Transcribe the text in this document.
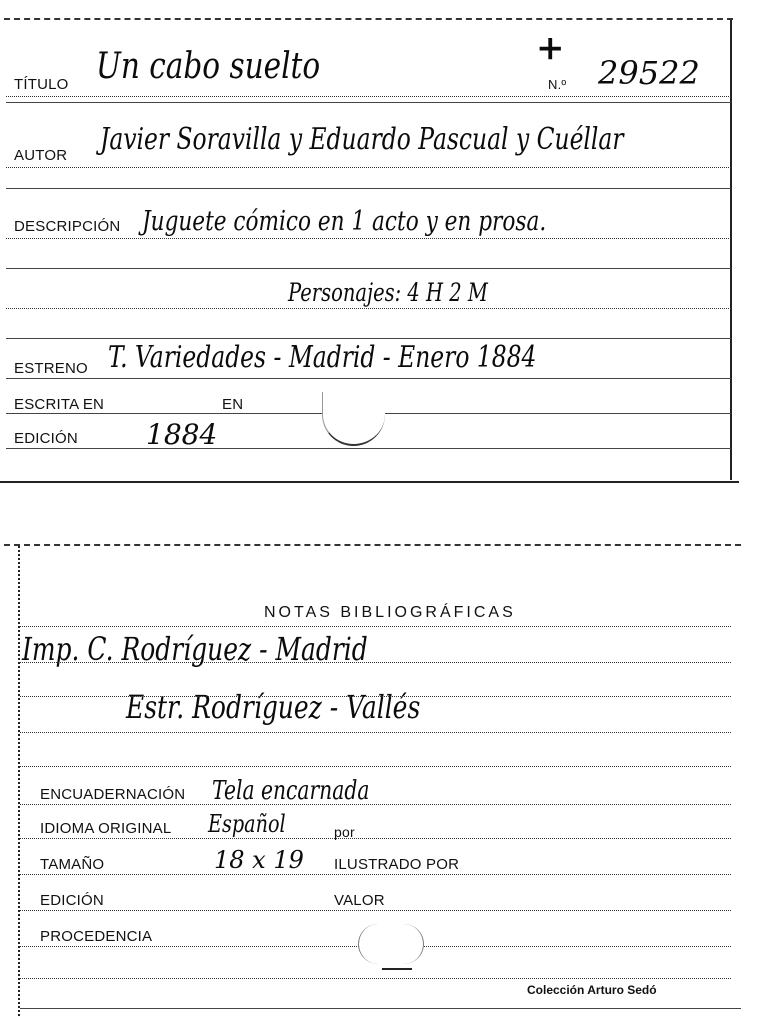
TÍTULO Un cabo suelto	+
N.º 29522
AUTOR Javier Soravilla y Eduardo Pascual y Cuéllar
DESCRIPCIÓN Juguete cómico en 1 acto y en prosa.
Personajes: 4 H 2 M
ESTRENO T. Variedades - Madrid - Enero 1884
ESCRITA EN	EN
EDICIÓN 1884
NOTAS BIBLIOGRÁFICAS
Imp. C. Rodríguez - Madrid
Estr. Rodríguez - Vallés
ENCUADERNACIÓN Tela encarnada
IDIOMA ORIGINAL Español	por
TAMAÑO	18 x 19 ILUSTRADO POR
EDICIÓN	VALOR
PROCEDENCIA
Colección Arturo Sedó
